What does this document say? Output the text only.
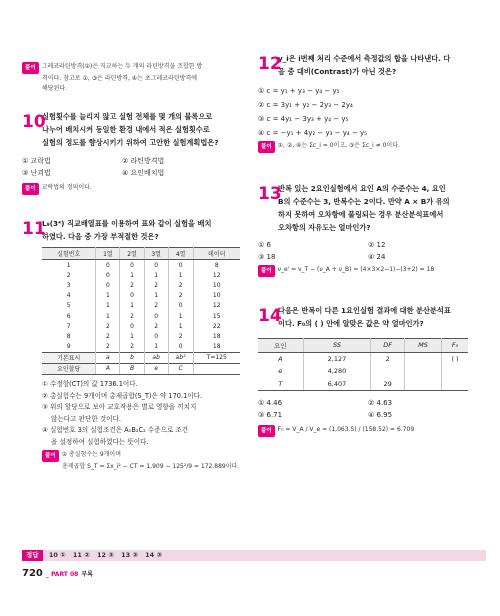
풀이 그레코라틴방격(②)은 직교하는 두 개의 라틴방격을 조합한 방
격이다. 참고로 ①, ③은 라틴방격, ④는 초그레코라틴방격에
해당된다.
10
실험횟수를 늘리지 않고 실험 전체를 몇 개의 블록으로
나누어 배치시켜 동일한 환경 내에서 적은 실험횟수로
실험의 정도를 향상시키기 위하여 고안한 실험계획법은?
① 교락법	② 라틴방격법
③ 난괴법	④ 요인배치법
풀이 교락법의 정의이다.
11
L₉(3⁴) 직교배열표를 이용하여 표와 같이 실험을 배치
하였다. 다음 중 가장 부적절한 것은?
실험번호	1열	2열	3열	4열	데이터
1	0	0	0	0	8
2	0	1	1	1	12
3	0	2	2	2	10
4	1	0	1	2	10
5	1	1	2	0	12
6	1	2	0	1	15
7	2	0	2	1	22
8	2	1	0	2	18
9	2	2	1	0	18
기본표시	a	b	ab	ab²	T=125
요인할당	A	B	e	C	
① 수정항(CT)의 값 1736.1이다.
② 총실험수는 9개이며 총제곱합(S_T)은 약 170.1이다.
③ 위의 할당으로 보아 교호작용은 별로 영향을 끼치지
않는다고 판단한 것이다.
④ 실험번호 3의 실험조건은 A₀B₂C₂ 수준으로 조건
을 설정하여 실험하였다는 뜻이다.
풀이 ② 총실험수는 9개이며
총제곱합 S_T = Σx_i² − CT = 1,909 − 125²/9 = 172.889이다.
12
y_i은 i번째 처리 수준에서 측정값의 합을 나타낸다. 다
음 중 대비(Contrast)가 아닌 것은?
① c = y₁ + y₃ − y₄ − y₅
② c = 3y₁ + y₂ − 2y₃ − 2y₄
③ c = 4y₁ − 3y₃ + y₄ − y₅
④ c = −y₁ + 4y₂ − y₃ − y₄ − y₅
풀이 ①, ②, ④는 Σc_i = 0이고, ③은 Σc_i ≠ 0이다.
13
반복 있는 2요인실험에서 요인 A의 수준수는 4, 요인
B의 수준수는 3, 반복수는 2이다. 만약 A × B가 유의
하지 못하여 오차항에 풀링되는 경우 분산분석표에서
오차항의 자유도는 얼마인가?
① 6	② 12
③ 18	④ 24
풀이 ν_e' = ν_T − (ν_A + ν_B) = (4×3×2−1)−(3+2) = 18
14
다음은 반복이 다른 1요인실험 결과에 대한 분산분석표
이다. F₀의 ( ) 안에 알맞은 값은 약 얼마인가?
요인	SS	DF	MS	F₀
A	2,127	2		( )
e	4,280			
T	6,407	29		
① 4.46	② 4.63
③ 6.71	④ 6.95
풀이 F₀ = V_A / V_e = (1,063.5) / (158.52) = 6.709
정답 10 ① 11 ② 12 ③ 13 ③ 14 ③
720 _ PART 08 부록
